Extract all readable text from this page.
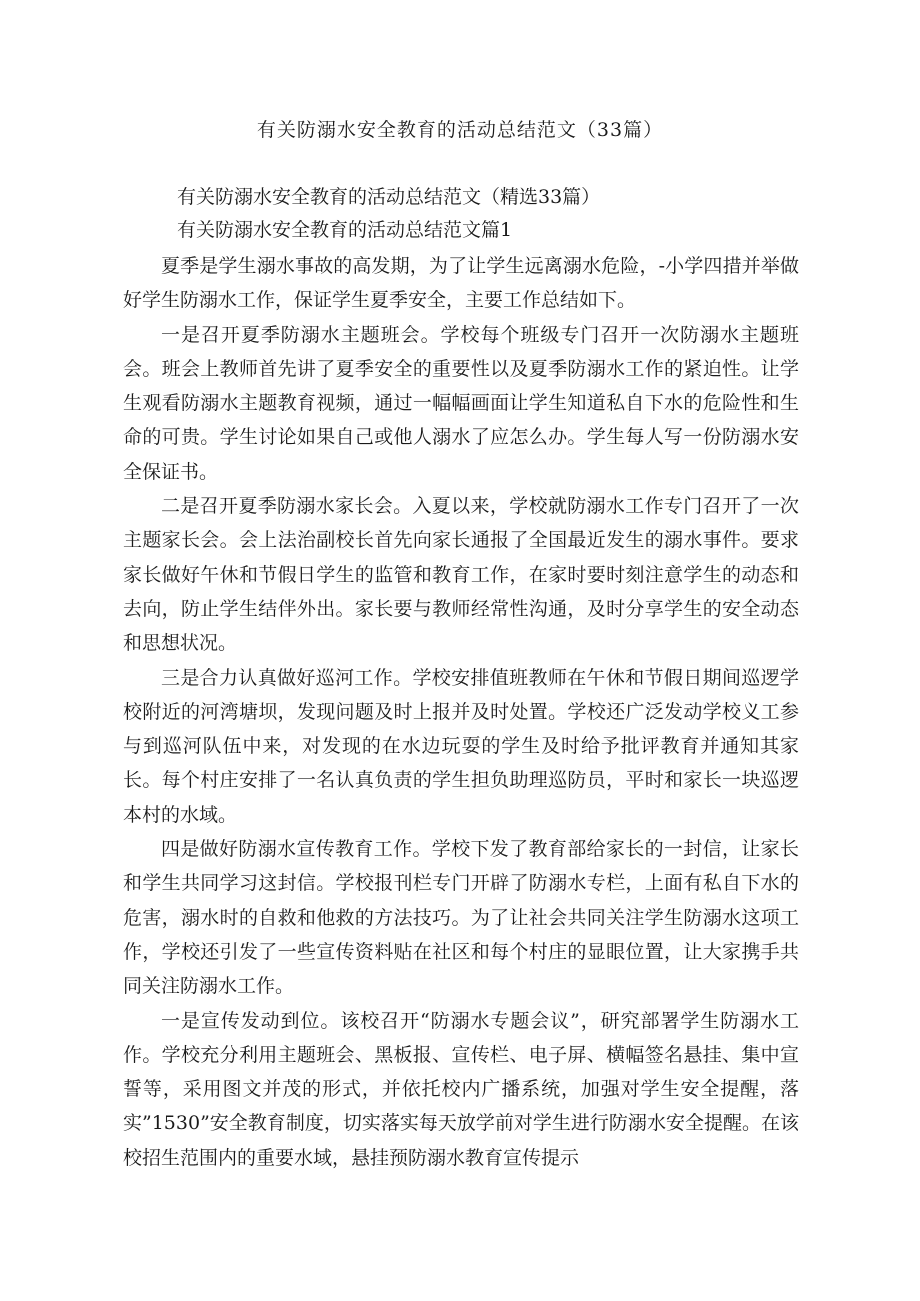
有关防溺水安全教育的活动总结范文（33篇）
有关防溺水安全教育的活动总结范文（精选33篇）
有关防溺水安全教育的活动总结范文篇1

夏季是学生溺水事故的高发期，为了让学生远离溺水危险，-小学四措并举做好学生防溺水工作，保证学生夏季安全，主要工作总结如下。

一是召开夏季防溺水主题班会。学校每个班级专门召开一次防溺水主题班会。班会上教师首先讲了夏季安全的重要性以及夏季防溺水工作的紧迫性。让学生观看防溺水主题教育视频，通过一幅幅画面让学生知道私自下水的危险性和生命的可贵。学生讨论如果自己或他人溺水了应怎么办。学生每人写一份防溺水安全保证书。

二是召开夏季防溺水家长会。入夏以来，学校就防溺水工作专门召开了一次主题家长会。会上法治副校长首先向家长通报了全国最近发生的溺水事件。要求家长做好午休和节假日学生的监管和教育工作，在家时要时刻注意学生的动态和去向，防止学生结伴外出。家长要与教师经常性沟通，及时分享学生的安全动态和思想状况。

三是合力认真做好巡河工作。学校安排值班教师在午休和节假日期间巡逻学校附近的河湾塘坝，发现问题及时上报并及时处置。学校还广泛发动学校义工参与到巡河队伍中来，对发现的在水边玩耍的学生及时给予批评教育并通知其家长。每个村庄安排了一名认真负责的学生担负助理巡防员，平时和家长一块巡逻本村的水域。

四是做好防溺水宣传教育工作。学校下发了教育部给家长的一封信，让家长和学生共同学习这封信。学校报刊栏专门开辟了防溺水专栏，上面有私自下水的危害，溺水时的自救和他救的方法技巧。为了让社会共同关注学生防溺水这项工作，学校还引发了一些宣传资料贴在社区和每个村庄的显眼位置，让大家携手共同关注防溺水工作。

一是宣传发动到位。该校召开“防溺水专题会议”，研究部署学生防溺水工作。学校充分利用主题班会、黑板报、宣传栏、电子屏、横幅签名悬挂、集中宣誓等，采用图文并茂的形式，并依托校内广播系统，加强对学生安全提醒，落实”1530”安全教育制度，切实落实每天放学前对学生进行防溺水安全提醒。在该校招生范围内的重要水域，悬挂预防溺水教育宣传提示
